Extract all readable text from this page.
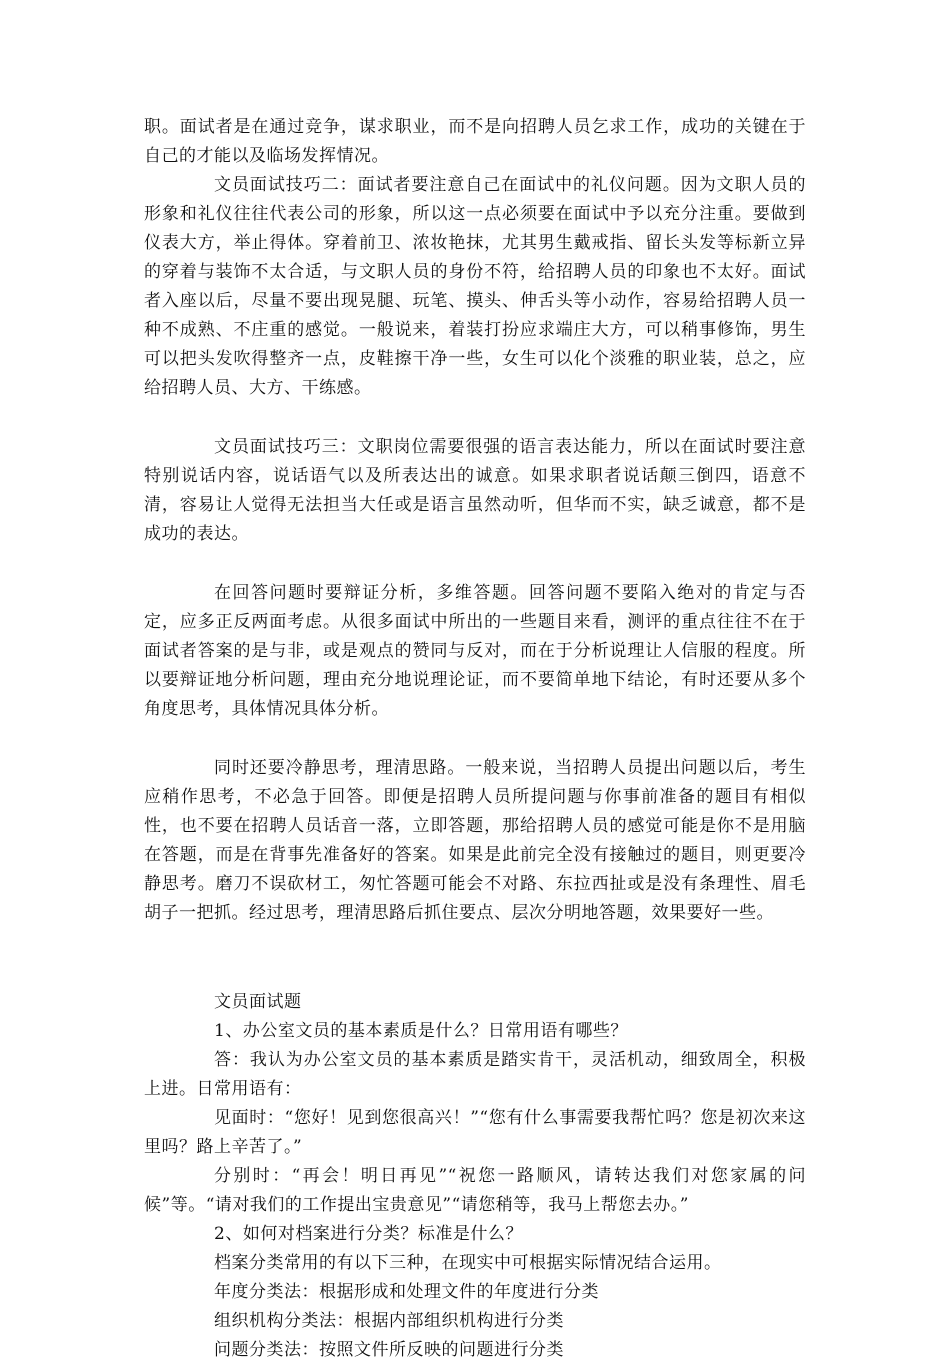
职。面试者是在通过竞争，谋求职业，而不是向招聘人员乞求工作，成功的关键在于自己的才能以及临场发挥情况。

文员面试技巧二：面试者要注意自己在面试中的礼仪问题。因为文职人员的形象和礼仪往往代表公司的形象，所以这一点必须要在面试中予以充分注重。要做到仪表大方，举止得体。穿着前卫、浓妆艳抹，尤其男生戴戒指、留长头发等标新立异的穿着与装饰不太合适，与文职人员的身份不符，给招聘人员的印象也不太好。面试者入座以后，尽量不要出现晃腿、玩笔、摸头、伸舌头等小动作，容易给招聘人员一种不成熟、不庄重的感觉。一般说来，着装打扮应求端庄大方，可以稍事修饰，男生可以把头发吹得整齐一点，皮鞋擦干净一些，女生可以化个淡雅的职业装，总之，应给招聘人员、大方、干练感。

文员面试技巧三：文职岗位需要很强的语言表达能力，所以在面试时要注意特别说话内容，说话语气以及所表达出的诚意。如果求职者说话颠三倒四，语意不清，容易让人觉得无法担当大任或是语言虽然动听，但华而不实，缺乏诚意，都不是成功的表达。

在回答问题时要辩证分析，多维答题。回答问题不要陷入绝对的肯定与否定，应多正反两面考虑。从很多面试中所出的一些题目来看，测评的重点往往不在于面试者答案的是与非，或是观点的赞同与反对，而在于分析说理让人信服的程度。所以要辩证地分析问题，理由充分地说理论证，而不要简单地下结论，有时还要从多个角度思考，具体情况具体分析。

同时还要冷静思考，理清思路。一般来说，当招聘人员提出问题以后，考生应稍作思考，不必急于回答。即便是招聘人员所提问题与你事前准备的题目有相似性，也不要在招聘人员话音一落，立即答题，那给招聘人员的感觉可能是你不是用脑在答题，而是在背事先准备好的答案。如果是此前完全没有接触过的题目，则更要冷静思考。磨刀不误砍材工，匆忙答题可能会不对路、东拉西扯或是没有条理性、眉毛胡子一把抓。经过思考，理清思路后抓住要点、层次分明地答题，效果要好一些。

文员面试题

1、办公室文员的基本素质是什么？日常用语有哪些？

答：我认为办公室文员的基本素质是踏实肯干，灵活机动，细致周全，积极上进。日常用语有：

见面时：“您好！见到您很高兴！”“您有什么事需要我帮忙吗？您是初次来这里吗？路上辛苦了。”

分别时：“再会！明日再见”“祝您一路顺风，请转达我们对您家属的问候”等。“请对我们的工作提出宝贵意见”“请您稍等，我马上帮您去办。”

2、如何对档案进行分类？标准是什么？

档案分类常用的有以下三种，在现实中可根据实际情况结合运用。

年度分类法：根据形成和处理文件的年度进行分类

组织机构分类法：根据内部组织机构进行分类

问题分类法：按照文件所反映的问题进行分类
